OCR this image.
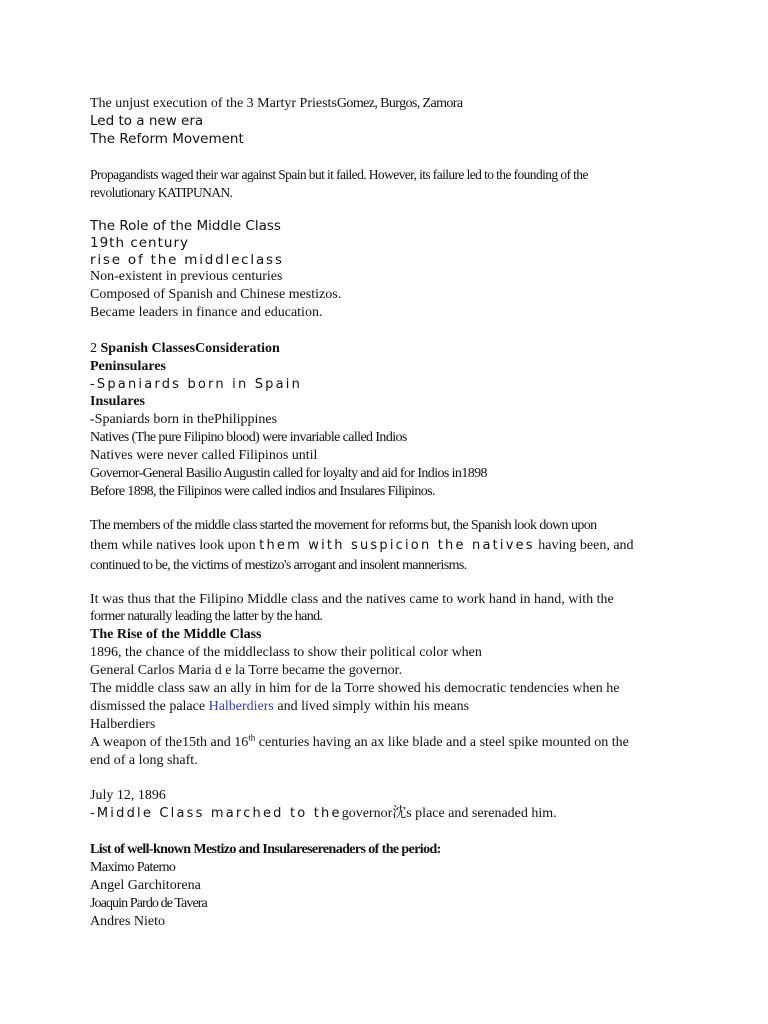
The unjust execution of the 3 Martyr PriestsGomez, Burgos, Zamora
Led to a new era
The Reform Movement
Propagandists waged their war against Spain but it failed. However, its failure led to the founding of the
revolutionary KATIPUNAN.
The Role of the Middle Class
19th century
rise of the middleclass
Non-existent in previous centuries
Composed of Spanish and Chinese mestizos.
Became leaders in finance and education.
2 Spanish ClassesConsideration
Peninsulares
-Spaniards born in Spain
Insulares
-Spaniards born in thePhilippines
Natives (The pure Filipino blood) were invariable called Indios
Natives were never called Filipinos until
Governor-General Basilio Augustin called for loyalty and aid for Indios in1898
Before 1898, the Filipinos were called indios and Insulares Filipinos.
The members of the middle class started the movement for reforms but, the Spanish look down upon
them while natives look upon them with suspicion the natives having been, and
continued to be, the victims of mestizo's arrogant and insolent mannerisms.
It was thus that the Filipino Middle class and the natives came to work hand in hand, with the
former naturally leading the latter by the hand.
The Rise of the Middle Class
1896, the chance of the middleclass to show their political color when
General Carlos Maria d e la Torre became the governor.
The middle class saw an ally in him for de la Torre showed his democratic tendencies when he
dismissed the palace Halberdiers and lived simply within his means
Halberdiers
A weapon of the15th and 16th centuries having an ax like blade and a steel spike mounted on the
end of a long shaft.
July 12, 1896
-Middle Class marched to thegovernor沈s place and serenaded him.
List of well-known Mestizo and Insulareserenaders of the period:
Maximo Paterno
Angel Garchitorena
Joaquin Pardo de Tavera
Andres Nieto
